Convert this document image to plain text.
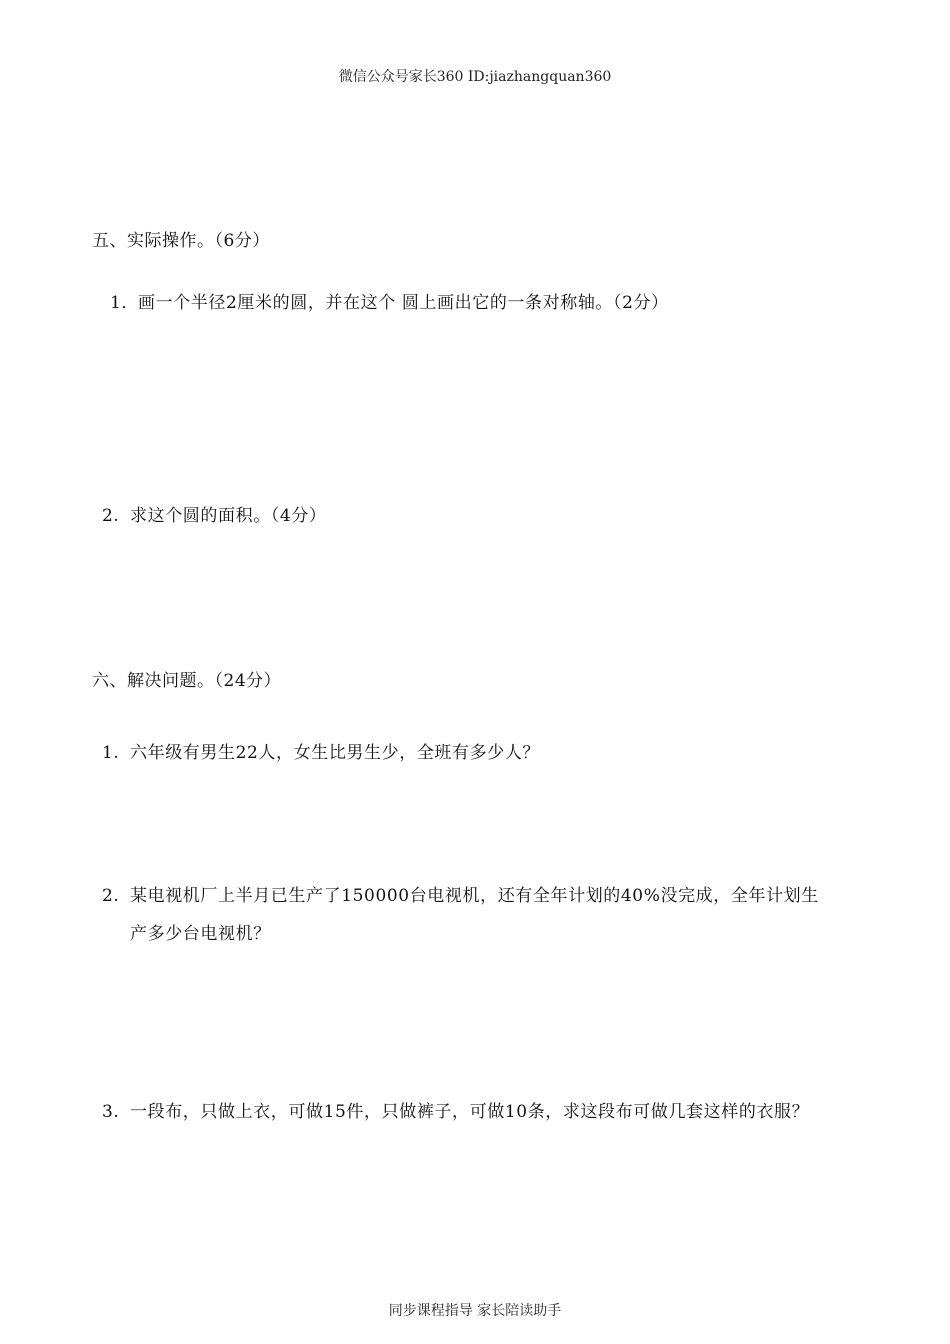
微信公众号家长360 ID:jiazhangquan360
五、实际操作。（6分）
1．画一个半径2厘米的圆，并在这个 圆上画出它的一条对称轴。（2分）
2. 求这个圆的面积。（4分）
六、解决问题。（24分）
1. 六年级有男生22人，女生比男生少，全班有多少人？
2. 某电视机厂上半月已生产了150000台电视机，还有全年计划的40%没完成，全年计划生
产多少台电视机？
3. 一段布，只做上衣，可做15件，只做裤子，可做10条，求这段布可做几套这样的衣服？
同步课程指导 家长陪读助手
